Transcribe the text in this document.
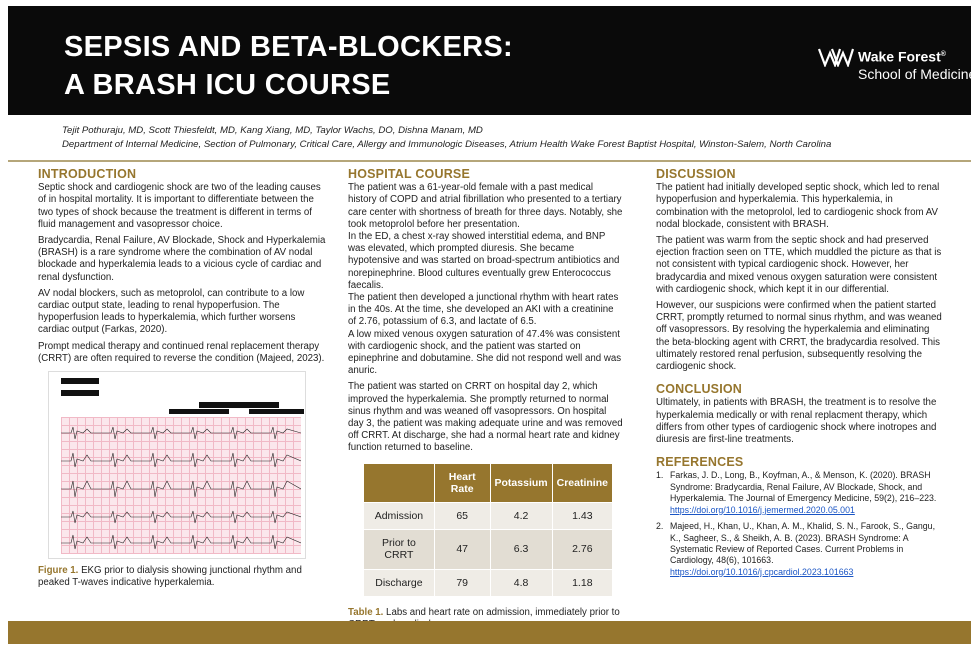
SEPSIS AND BETA-BLOCKERS:
A BRASH ICU COURSE
Wake Forest®
School of Medicine
Tejit Pothuraju, MD, Scott Thiesfeldt, MD, Kang Xiang, MD, Taylor Wachs, DO, Dishna Manam, MD
Department of Internal Medicine, Section of Pulmonary, Critical Care, Allergy and Immunologic Diseases, Atrium Health Wake Forest Baptist Hospital, Winston-Salem, North Carolina
INTRODUCTION
Septic shock and cardiogenic shock are two of the leading causes of in hospital mortality. It is important to differentiate between the two types of shock because the treatment is different in terms of fluid management and vasopressor choice.
Bradycardia, Renal Failure, AV Blockade, Shock and Hyperkalemia (BRASH) is a rare syndrome where the combination of AV nodal blockade and hyperkalemia leads to a vicious cycle of cardiac and renal dysfunction.
AV nodal blockers, such as metoprolol, can contribute to a low cardiac output state, leading to renal hypoperfusion. The hypoperfusion leads to hyperkalemia, which further worsens cardiac output (Farkas, 2020).
Prompt medical therapy and continued renal replacement therapy (CRRT) are often required to reverse the condition (Majeed, 2023).
Figure 1. EKG prior to dialysis showing junctional rhythm and peaked T-waves indicative hyperkalemia.
HOSPITAL COURSE
The patient was a 61-year-old female with a past medical history of COPD and atrial fibrillation who presented to a tertiary care center with shortness of breath for three days. Notably, she took metoprolol before her presentation.
In the ED, a chest x-ray showed interstitial edema, and BNP was elevated, which prompted diuresis. She became hypotensive and was started on broad-spectrum antibiotics and norepinephrine. Blood cultures eventually grew Enterococcus faecalis.
The patient then developed a junctional rhythm with heart rates in the 40s. At the time, she developed an AKI with a creatinine of 2.76, potassium of 6.3, and lactate of 6.5.
A low mixed venous oxygen saturation of 47.4% was consistent with cardiogenic shock, and the patient was started on epinephrine and dobutamine. She did not respond well and was anuric.
The patient was started on CRRT on hospital day 2, which improved the hyperkalemia. She promptly returned to normal sinus rhythm and was weaned off vasopressors. On hospital day 3, the patient was making adequate urine and was removed off CRRT. At discharge, she had a normal heart rate and kidney function returned to baseline.
	Heart Rate	Potassium	Creatinine
Admission	65	4.2	1.43
Prior to CRRT	47	6.3	2.76
Discharge	79	4.8	1.18
Table 1. Labs and heart rate on admission, immediately prior to
DISCUSSION
The patient had initially developed septic shock, which led to renal hypoperfusion and hyperkalemia. This hyperkalemia, in combination with the metoprolol, led to cardiogenic shock from AV nodal blockade, consistent with BRASH.
The patient was warm from the septic shock and had preserved ejection fraction seen on TTE, which muddled the picture as that is not consistent with typical cardiogenic shock. However, her bradycardia and mixed venous oxygen saturation were consistent with cardiogenic shock, which kept it in our differential.
However, our suspicions were confirmed when the patient started CRRT, promptly returned to normal sinus rhythm, and was weaned off vasopressors. By resolving the hyperkalemia and eliminating the beta-blocking agent with CRRT, the bradycardia resolved. This ultimately restored renal perfusion, subsequently resolving the cardiogenic shock.
CONCLUSION
Ultimately, in patients with BRASH, the treatment is to resolve the hyperkalemia medically or with renal replacment therapy, which differs from other types of cardiogenic shock where inotropes and diuresis are first-line treatments.
REFERENCES
1. Farkas, J. D., Long, B., Koyfman, A., & Menson, K. (2020). BRASH Syndrome: Bradycardia, Renal Failure, AV Blockade, Shock, and Hyperkalemia. The Journal of Emergency Medicine, 59(2), 216–223. https://doi.org/10.1016/j.jemermed.2020.05.001
2. Majeed, H., Khan, U., Khan, A. M., Khalid, S. N., Farook, S., Gangu, K., Sagheer, S., & Sheikh, A. B. (2023). BRASH Syndrome: A Systematic Review of Reported Cases. Current Problems in Cardiology, 48(6), 101663. https://doi.org/10.1016/j.cpcardiol.2023.101663
